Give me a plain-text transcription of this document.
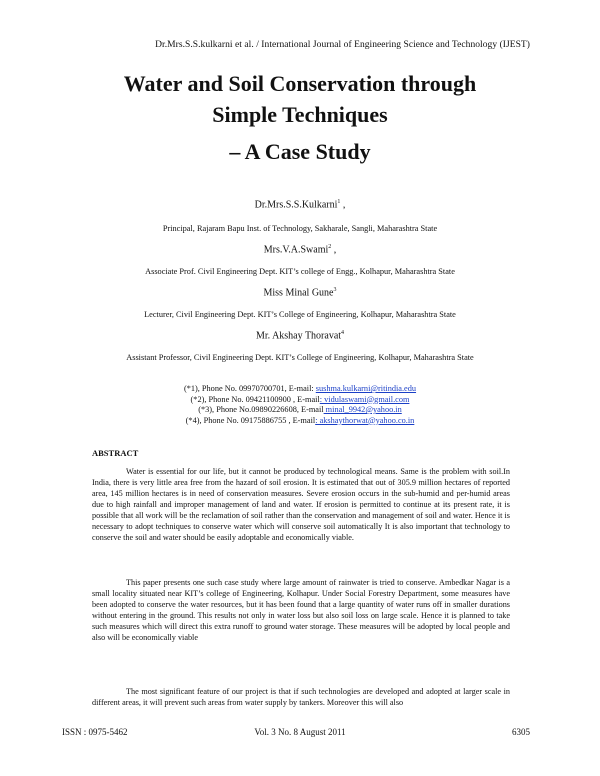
Dr.Mrs.S.S.kulkarni et al. / International Journal of Engineering Science and Technology (IJEST)
Water and Soil Conservation through
Simple Techniques
– A Case Study
Dr.Mrs.S.S.Kulkarni$^1$ ,
Principal, Rajaram Bapu Inst. of Technology, Sakharale, Sangli, Maharashtra State
Mrs.V.A.Swami$^2$ ,
Associate Prof. Civil Engineering Dept. KIT’s college of Engg., Kolhapur, Maharashtra State
Miss Minal Gune$^3$
Lecturer, Civil Engineering Dept. KIT’s College of Engineering, Kolhapur, Maharashtra State
Mr. Akshay Thoravat$^4$
Assistant Professor, Civil Engineering Dept. KIT’s College of Engineering, Kolhapur, Maharashtra State
(*1), Phone No. 09970700701, E-mail: sushma.kulkarni@ritindia.edu
(*2), Phone No. 09421100900 , E-mail: vidulaswami@gmail.com
(*3), Phone No.09890226608, E-mail minal_9942@yahoo.in
(*4), Phone No. 09175886755 , E-mail: akshaythorwat@yahoo.co.in
ABSTRACT
Water is essential for our life, but it cannot be produced by technological means. Same is the problem with soil.In India, there is very little area free from the hazard of soil erosion. It is estimated that out of 305.9 million hectares of reported area, 145 million hectares is in need of conservation measures. Severe erosion occurs in the sub-humid and per-humid areas due to high rainfall and improper management of land and water. If erosion is permitted to continue at its present rate, it is possible that all work will be the reclamation of soil rather than the conservation and management of soil and water. Hence it is necessary to adopt techniques to conserve water which will conserve soil automatically It is also important that technology to conserve the soil and water should be easily adoptable and economically viable.
This paper presents one such case study where large amount of rainwater is tried to conserve. Ambedkar Nagar is a small locality situated near KIT’s college of Engineering, Kolhapur. Under Social Forestry Department, some measures have been adopted to conserve the water resources, but it has been found that a large quantity of water runs off in smaller durations without entering in the ground. This results not only in water loss but also soil loss on large scale. Hence it is planned to take such measures which will direct this extra runoff to ground water storage. These measures will be adopted by local people and also will be economically viable
The most significant feature of our project is that if such technologies are developed and adopted at larger scale in different areas, it will prevent such areas from water supply by tankers. Moreover this will also
ISSN : 0975-5462	Vol. 3 No. 8 August 2011	6305
